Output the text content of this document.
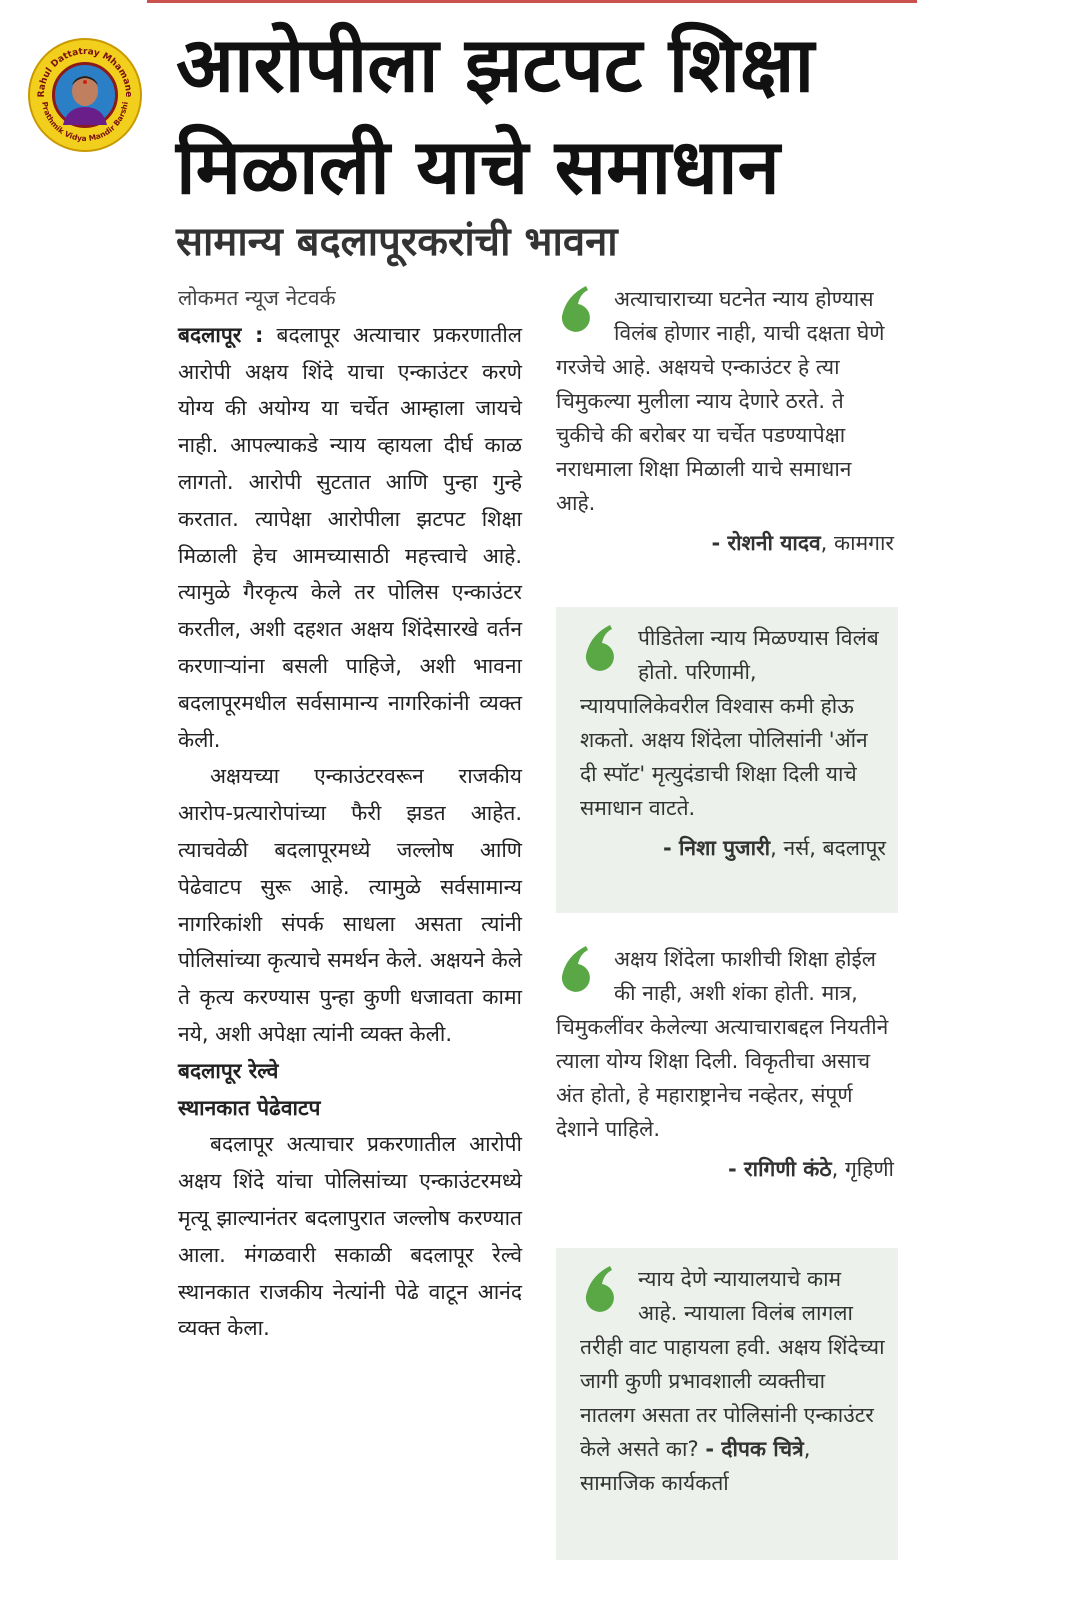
Rahul Dattatray Mhamane
Prathmik Vidya Mandir Barshi आरोपीला झटपट शिक्षा मिळाली याचे समाधान
सामान्य बदलापूरकरांची भावना

लोकमत न्यूज नेटवर्क

बदलापूर : बदलापूर अत्याचार प्रकरणातील आरोपी अक्षय शिंदे याचा एन्काउंटर करणे योग्य की अयोग्य या चर्चेत आम्हाला जायचे नाही. आपल्याकडे न्याय व्हायला दीर्घ काळ लागतो. आरोपी सुटतात आणि पुन्हा गुन्हे करतात. त्यापेक्षा आरोपीला झटपट शिक्षा मिळाली हेच आमच्यासाठी महत्त्वाचे आहे. त्यामुळे गैरकृत्य केले तर पोलिस एन्काउंटर करतील, अशी दहशत अक्षय शिंदेसारखे वर्तन करणाऱ्यांना बसली पाहिजे, अशी भावना बदलापूरमधील सर्वसामान्य नागरिकांनी व्यक्त केली.

अक्षयच्या एन्काउंटरवरून राजकीय आरोप-प्रत्यारोपांच्या फैरी झडत आहेत. त्याचवेळी बदलापूरमध्ये जल्लोष आणि पेढेवाटप सुरू आहे. त्यामुळे सर्वसामान्य नागरिकांशी संपर्क साधला असता त्यांनी पोलिसांच्या कृत्याचे समर्थन केले. अक्षयने केले ते कृत्य करण्यास पुन्हा कुणी धजावता कामा नये, अशी अपेक्षा त्यांनी व्यक्त केली.

बदलापूर रेल्वे

स्थानकात पेढेवाटप

बदलापूर अत्याचार प्रकरणातील आरोपी अक्षय शिंदे यांचा पोलिसांच्या एन्काउंटरमध्ये मृत्यू झाल्यानंतर बदलापुरात जल्लोष करण्यात आला. मंगळवारी सकाळी बदलापूर रेल्वे स्थानकात राजकीय नेत्यांनी पेढे वाटून आनंद व्यक्त केला.

अत्याचाराच्या घटनेत न्याय होण्यास विलंब होणार नाही, याची दक्षता घेणे गरजेचे आहे. अक्षयचे एन्काउंटर हे त्या चिमुकल्या मुलीला न्याय देणारे ठरते. ते चुकीचे की बरोबर या चर्चेत पडण्यापेक्षा नराधमाला शिक्षा मिळाली याचे समाधान आहे.

- रोशनी यादव, कामगार

पीडितेला न्याय मिळण्यास विलंब होतो. परिणामी, न्यायपालिकेवरील विश्वास कमी होऊ शकतो. अक्षय शिंदेला पोलिसांनी 'ऑन दी स्पॉट' मृत्युदंडाची शिक्षा दिली याचे समाधान वाटते.

- निशा पुजारी, नर्स, बदलापूर

अक्षय शिंदेला फाशीची शिक्षा होईल की नाही, अशी शंका होती. मात्र, चिमुकलींवर केलेल्या अत्याचाराबद्दल नियतीने त्याला योग्य शिक्षा दिली. विकृतीचा असाच अंत होतो, हे महाराष्ट्रानेच नव्हेतर, संपूर्ण देशाने पाहिले.

- रागिणी कंठे, गृहिणी

न्याय देणे न्यायालयाचे काम आहे. न्यायाला विलंब लागला तरीही वाट पाहायला हवी. अक्षय शिंदेच्या जागी कुणी प्रभावशाली व्यक्तीचा नातलग असता तर पोलिसांनी एन्काउंटर केले असते का? - दीपक चित्रे, सामाजिक कार्यकर्ता
